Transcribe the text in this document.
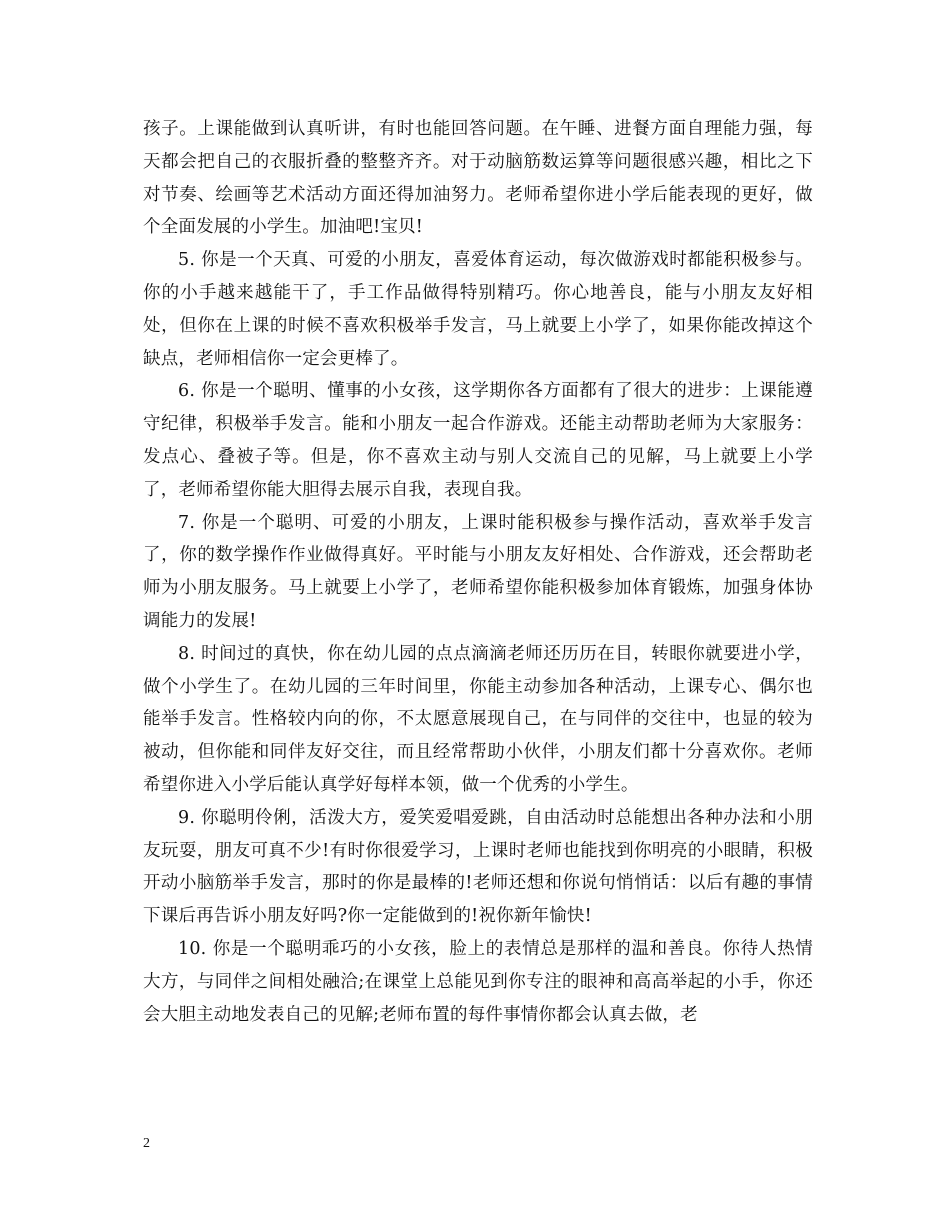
孩子。上课能做到认真听讲，有时也能回答问题。在午睡、进餐方面自理能力强，每天都会把自己的衣服折叠的整整齐齐。对于动脑筋数运算等问题很感兴趣，相比之下对节奏、绘画等艺术活动方面还得加油努力。老师希望你进小学后能表现的更好，做个全面发展的小学生。加油吧!宝贝!

5. 你是一个天真、可爱的小朋友，喜爱体育运动，每次做游戏时都能积极参与。你的小手越来越能干了，手工作品做得特别精巧。你心地善良，能与小朋友友好相处，但你在上课的时候不喜欢积极举手发言，马上就要上小学了，如果你能改掉这个缺点，老师相信你一定会更棒了。

6. 你是一个聪明、懂事的小女孩，这学期你各方面都有了很大的进步：上课能遵守纪律，积极举手发言。能和小朋友一起合作游戏。还能主动帮助老师为大家服务：发点心、叠被子等。但是，你不喜欢主动与别人交流自己的见解，马上就要上小学了，老师希望你能大胆得去展示自我，表现自我。

7. 你是一个聪明、可爱的小朋友，上课时能积极参与操作活动，喜欢举手发言了，你的数学操作作业做得真好。平时能与小朋友友好相处、合作游戏，还会帮助老师为小朋友服务。马上就要上小学了，老师希望你能积极参加体育锻炼，加强身体协调能力的发展!

8. 时间过的真快，你在幼儿园的点点滴滴老师还历历在目，转眼你就要进小学，做个小学生了。在幼儿园的三年时间里，你能主动参加各种活动，上课专心、偶尔也能举手发言。性格较内向的你，不太愿意展现自己，在与同伴的交往中，也显的较为被动，但你能和同伴友好交往，而且经常帮助小伙伴，小朋友们都十分喜欢你。老师希望你进入小学后能认真学好每样本领，做一个优秀的小学生。

9. 你聪明伶俐，活泼大方，爱笑爱唱爱跳，自由活动时总能想出各种办法和小朋友玩耍，朋友可真不少!有时你很爱学习，上课时老师也能找到你明亮的小眼睛，积极开动小脑筋举手发言，那时的你是最棒的!老师还想和你说句悄悄话：以后有趣的事情下课后再告诉小朋友好吗?你一定能做到的!祝你新年愉快!

10. 你是一个聪明乖巧的小女孩，脸上的表情总是那样的温和善良。你待人热情大方，与同伴之间相处融洽;在课堂上总能见到你专注的眼神和高高举起的小手，你还会大胆主动地发表自己的见解;老师布置的每件事情你都会认真去做，老

2
